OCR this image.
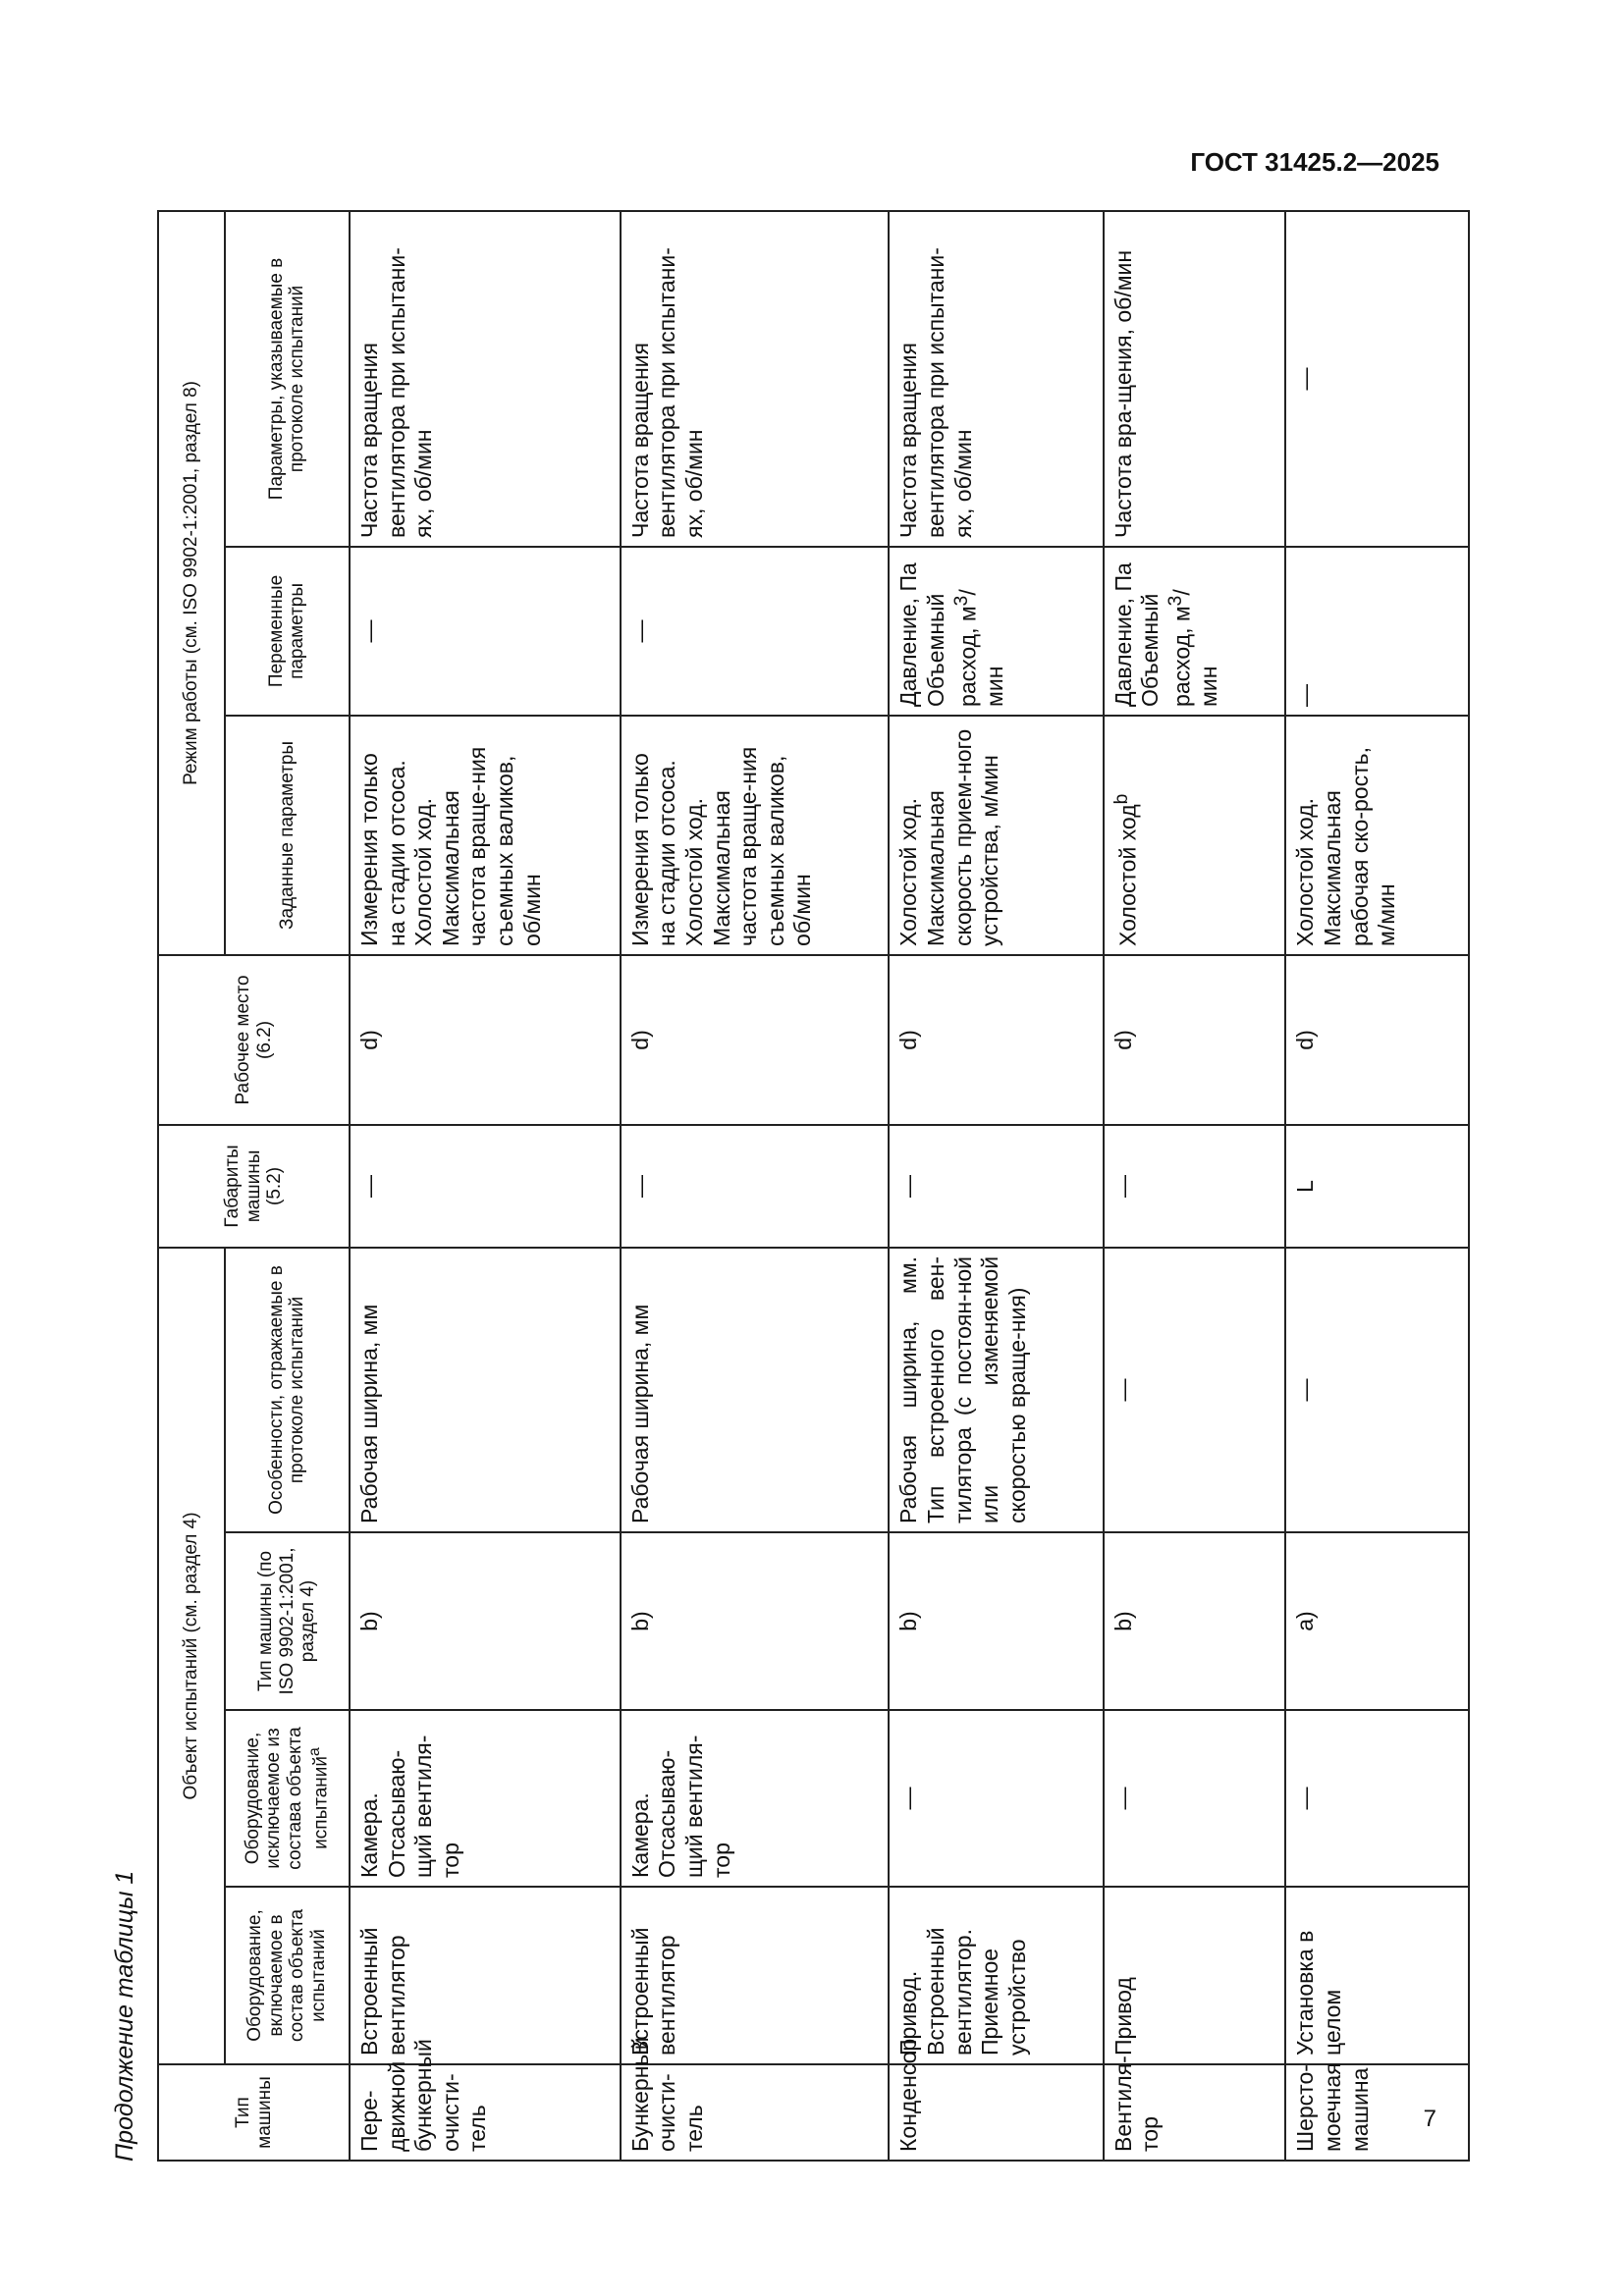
ГОСТ 31425.2—2025
Продолжение таблицы 1	Тип машины	Объект испытаний (см. раздел 4)				Габариты машины (5.2)	Рабочее место (6.2)	Режим работы (см. ISO 9902-1:2001, раздел 8)		
	Оборудование, включаемое в состав объекта испытаний	Оборудование, исключаемое из состава объекта испытаний$^a$	Тип машины (по ISO 9902-1:2001, раздел 4)	Особенности, отражаемые в протоколе испытаний			Заданные параметры	Переменные параметры	Параметры, указываемые в протоколе испытаний
Пере-движной бункерный очисти-тель	Встроенный вентилятор	Камера. Отсасываю-щий вентиля-тор	b)	Рабочая ширина, мм	—	d)	Измерения только на стадии отсоса. Холостой ход. Максимальная частота враще-ния съемных валиков, об/мин	—	Частота вращения вентилятора при испытани-ях, об/мин
Бункерный очисти-тель	Встроенный вентилятор	Камера. Отсасываю-щий вентиля-тор	b)	Рабочая ширина, мм	—	d)	Измерения только на стадии отсоса. Холостой ход. Максимальная частота враще-ния съемных валиков, об/мин	—	Частота вращения вентилятора при испытани-ях, об/мин
Конденсор	Привод. Встроенный вентилятор. Приемное устройство	—	b)	Рабочая ширина, мм. Тип встроенного вен-тилятора (с постоян-ной или изменяемой скоростью враще-ния)	—	d)	Холостой ход. Максимальная скорость прием-ного устройства, м/мин	Давление, Па Объемный расход, $м^3$/мин	Частота вращения вентилятора при испытани-ях, об/мин
Вентиля-тор	Привод	—	b)	—	—	d)	Холостой ход$^b$	Давление, Па Объемный расход, $м^3$/мин	Частота вра-щения, об/мин
Шерсто-моечная машина	Установка в целом	—	a)	—	L	d)	Холостой ход. Максимальная рабочая ско-рость, м/мин	—	—
7
